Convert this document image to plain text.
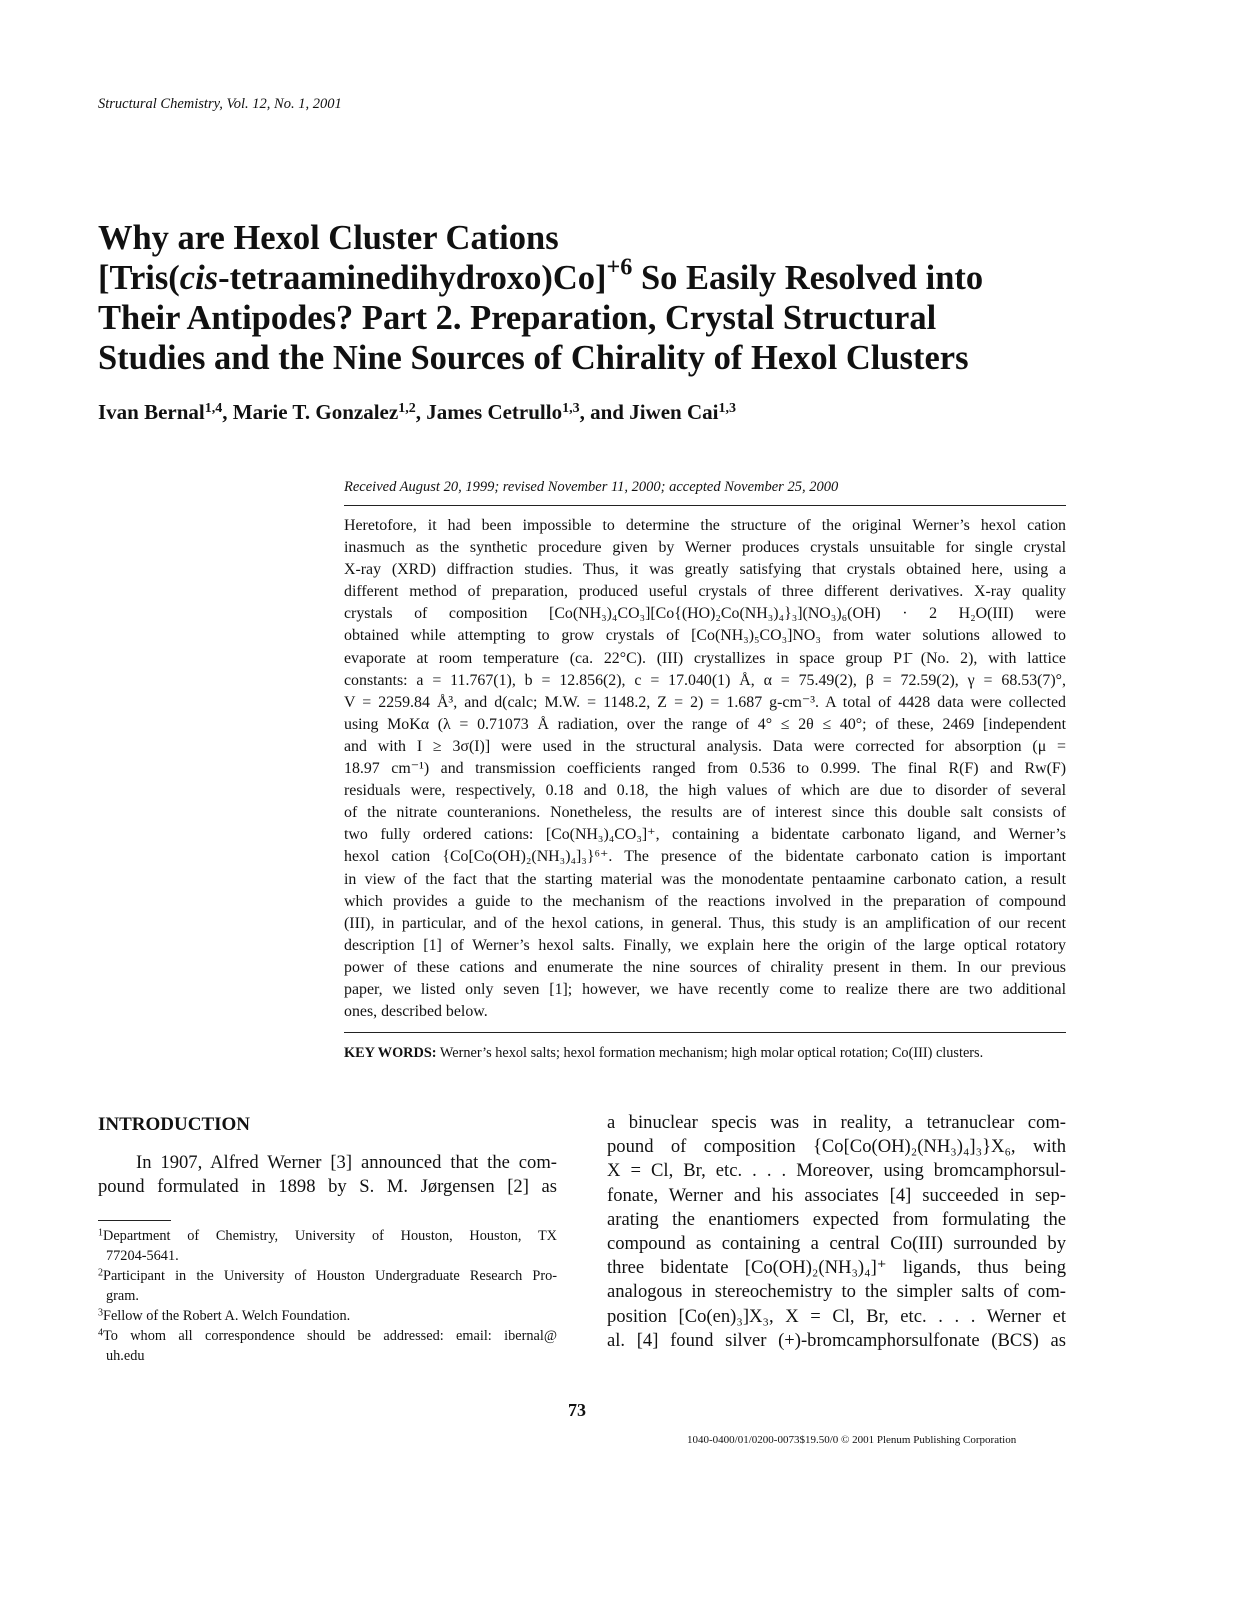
Structural Chemistry, Vol. 12, No. 1, 2001
Why are Hexol Cluster Cations
[Tris(cis-tetraaminedihydroxo)Co]$^{+6}$ So Easily Resolved into
Their Antipodes? Part 2. Preparation, Crystal Structural
Studies and the Nine Sources of Chirality of Hexol Clusters
Ivan Bernal$^{1,4}$, Marie T. Gonzalez$^{1,2}$, James Cetrullo$^{1,3}$, and Jiwen Cai$^{1,3}$
Received August 20, 1999; revised November 11, 2000; accepted November 25, 2000
Heretofore, it had been impossible to determine the structure of the original Werner’s hexol cation
inasmuch as the synthetic procedure given by Werner produces crystals unsuitable for single crystal
X-ray (XRD) diffraction studies. Thus, it was greatly satisfying that crystals obtained here, using a
different method of preparation, produced useful crystals of three different derivatives. X-ray quality
crystals of composition [Co(NH₃)₄CO₃][Co{(HO)₂Co(NH₃)₄}₃](NO₃)₆(OH) · 2 H₂O(III) were
obtained while attempting to grow crystals of [Co(NH₃)₅CO₃]NO₃ from water solutions allowed to
evaporate at room temperature (ca. 22°C). (III) crystallizes in space group P1̄ (No. 2), with lattice
constants: a = 11.767(1), b = 12.856(2), c = 17.040(1) Å, α = 75.49(2), β = 72.59(2), γ = 68.53(7)°,
V = 2259.84 Å³, and d(calc; M.W. = 1148.2, Z = 2) = 1.687 g-cm⁻³. A total of 4428 data were collected
using MoKα (λ = 0.71073 Å radiation, over the range of 4° ≤ 2θ ≤ 40°; of these, 2469 [independent
and with I ≥ 3σ(I)] were used in the structural analysis. Data were corrected for absorption (μ =
18.97 cm⁻¹) and transmission coefficients ranged from 0.536 to 0.999. The final R(F) and Rw(F)
residuals were, respectively, 0.18 and 0.18, the high values of which are due to disorder of several
of the nitrate counteranions. Nonetheless, the results are of interest since this double salt consists of
two fully ordered cations: [Co(NH₃)₄CO₃]⁺, containing a bidentate carbonato ligand, and Werner’s
hexol cation {Co[Co(OH)₂(NH₃)₄]₃}⁶⁺. The presence of the bidentate carbonato cation is important
in view of the fact that the starting material was the monodentate pentaamine carbonato cation, a result
which provides a guide to the mechanism of the reactions involved in the preparation of compound
(III), in particular, and of the hexol cations, in general. Thus, this study is an amplification of our recent
description [1] of Werner’s hexol salts. Finally, we explain here the origin of the large optical rotatory
power of these cations and enumerate the nine sources of chirality present in them. In our previous
paper, we listed only seven [1]; however, we have recently come to realize there are two additional
ones, described below.
KEY WORDS: Werner’s hexol salts; hexol formation mechanism; high molar optical rotation; Co(III) clusters.
INTRODUCTION
In 1907, Alfred Werner [3] announced that the com-
pound formulated in 1898 by S. M. Jørgensen [2] as
a binuclear specis was in reality, a tetranuclear com-
pound of composition {Co[Co(OH)₂(NH₃)₄]₃}X₆, with
X = Cl, Br, etc. . . . Moreover, using bromcamphorsul-
fonate, Werner and his associates [4] succeeded in sep-
arating the enantiomers expected from formulating the
compound as containing a central Co(III) surrounded by
three bidentate [Co(OH)₂(NH₃)₄]⁺ ligands, thus being
analogous in stereochemistry to the simpler salts of com-
position [Co(en)₃]X₃, X = Cl, Br, etc. . . . Werner et
al. [4] found silver (+)-bromcamphorsulfonate (BCS) as
$^1$Department of Chemistry, University of Houston, Houston, TX
77204-5641.
$^2$Participant in the University of Houston Undergraduate Research Pro-
gram.
$^3$Fellow of the Robert A. Welch Foundation.
$^4$To whom all correspondence should be addressed: email: ibernal@
uh.edu
73
1040-0400/01/0200-0073$19.50/0 © 2001 Plenum Publishing Corporation
